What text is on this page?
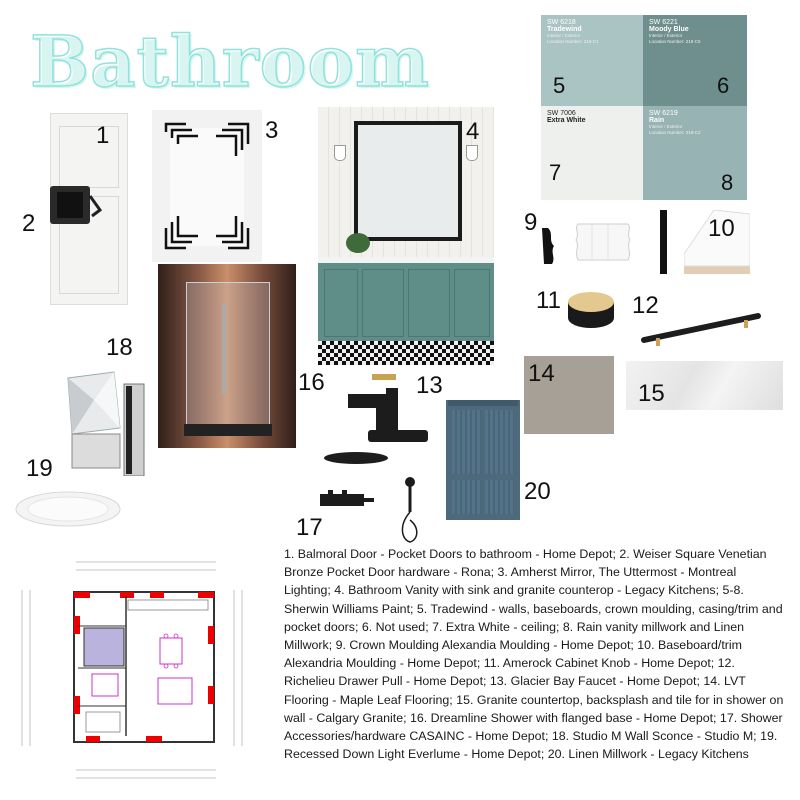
Bathroom
1
2
3	4
SW 6218
Tradewind
Interior / Exterior
Location Number: 219-C1
5
SW 6221
Moody Blue
Interior / Exterior
Location Number: 219-C5
6
SW 7006
Extra White
7
SW 6219
Rain
Interior / Exterior
Location Number: 219-C2
8
9	10
11	12
14
15
16	13
17
20
18
19
1. Balmoral Door - Pocket Doors to bathroom - Home Depot; 2. Weiser Square Venetian Bronze Pocket Door hardware - Rona; 3. Amherst Mirror, The Uttermost - Montreal Lighting; 4. Bathroom Vanity with sink and granite counterop - Legacy Kitchens; 5-8. Sherwin Williams Paint; 5. Tradewind - walls, baseboards, crown moulding, casing/trim and pocket doors; 6. Not used; 7. Extra White - ceiling; 8. Rain vanity millwork and Linen Millwork; 9. Crown Moulding Alexandia Moulding - Home Depot; 10. Baseboard/trim Alexandria Moulding - Home Depot; 11. Amerock Cabinet Knob - Home Depot; 12. Richelieu Drawer Pull - Home Depot; 13. Glacier Bay Faucet - Home Depot; 14. LVT Flooring - Maple Leaf Flooring; 15. Granite countertop, backsplash and tile for in shower on wall - Calgary Granite; 16. Dreamline Shower with flanged base - Home Depot; 17. Shower Accessories/hardware CASAINC - Home Depot; 18. Studio M Wall Sconce - Studio M; 19. Recessed Down Light Everlume - Home Depot; 20. Linen Millwork - Legacy Kitchens
